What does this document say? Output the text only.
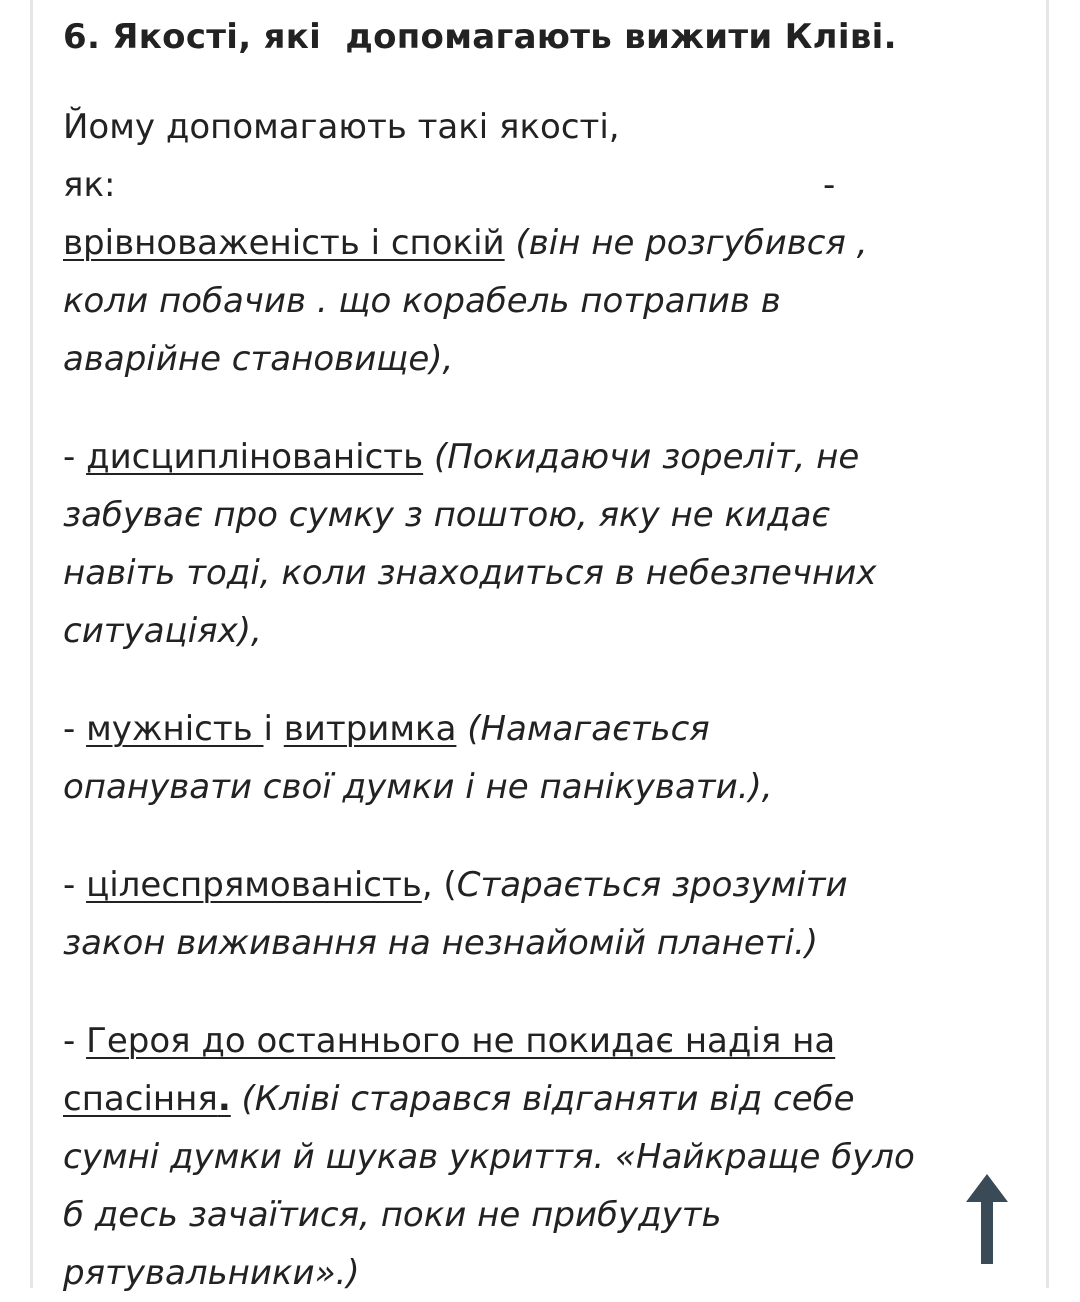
6. Якості, які  допомагають вижити Кліві.
Йому допомагають такі якості,
як:	-
врівноваженість і спокій (він не розгубився ,
коли побачив . що корабель потрапив в
аварійне становище),
- дисциплінованість (Покидаючи зореліт, не
забуває про сумку з поштою, яку не кидає
навіть тоді, коли знаходиться в небезпечних
ситуаціях),
- мужність і витримка (Намагається
опанувати свої думки і не панікувати.),
- цілеспрямованість, (Старається зрозуміти
закон виживання на незнайомій планеті.)
- Героя до останнього не покидає надія на
спасіння. (Кліві старався відганяти від себе
сумні думки й шукав укриття. «Найкраще було
б десь зачаїтися, поки не прибудуть
рятувальники».)
